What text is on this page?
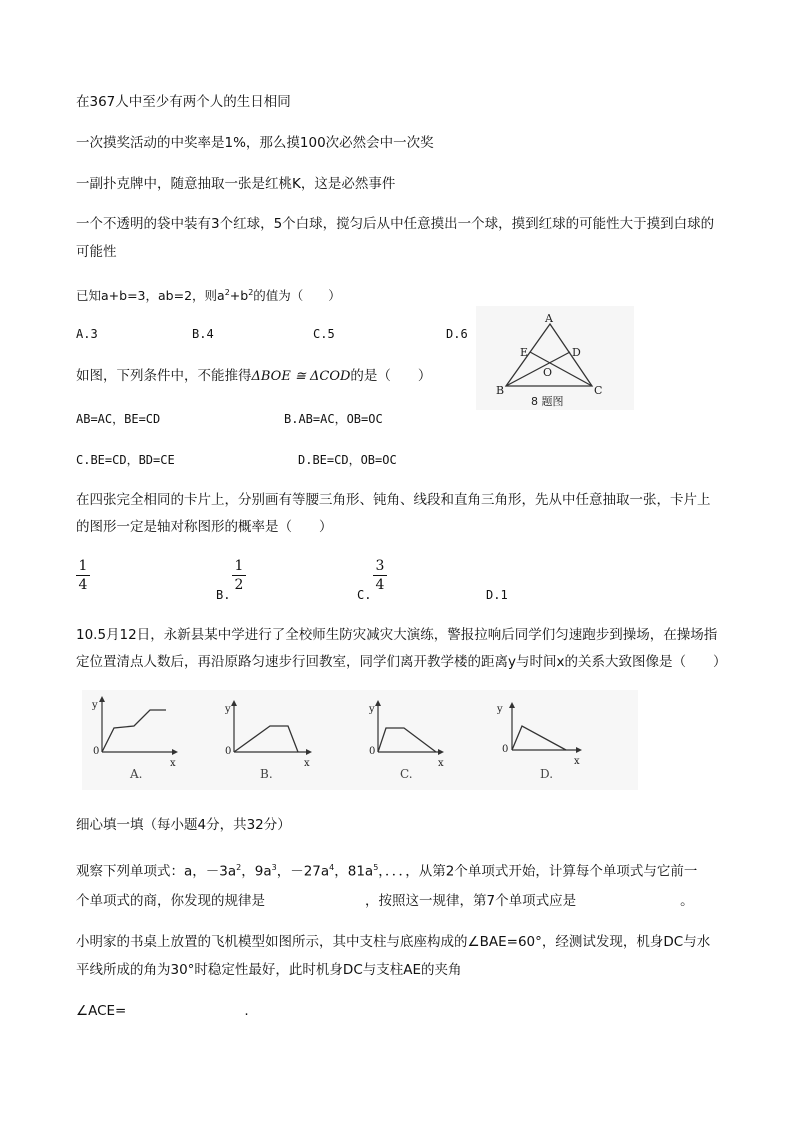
在367人中至少有两个人的生日相同
一次摸奖活动的中奖率是1%，那么摸100次必然会中一次奖
一副扑克牌中，随意抽取一张是红桃K，这是必然事件
一个不透明的袋中装有3个红球，5个白球，搅匀后从中任意摸出一个球，摸到红球的可能性大于摸到白球的
可能性
已知a+b=3，ab=2，则$a^2+b^2$的值为（　　）
A.3	B.4	C.5	D.6
A
B	C
D
E
O
8 题图
如图，下列条件中，不能推得ΔBOE ≅ ΔCOD的是（　　）
AB=AC，BE=CD	B.AB=AC，OB=OC
C.BE=CD，BD=CE	D.BE=CD，OB=OC
在四张完全相同的卡片上，分别画有等腰三角形、钝角、线段和直角三角形，先从中任意抽取一张，卡片上
的图形一定是轴对称图形的概率是（　　）
1
4
B.
1
2
C.
3
4
D.1
10.5月12日，永新县某中学进行了全校师生防灾减灾大演练，警报拉响后同学们匀速跑步到操场，在操场指
定位置清点人数后，再沿原路匀速步行回教室，同学们离开教学楼的距离y与时间x的关系大致图像是（　　）
y
0
x
A.
y
0
x
B.
y
0
x
C.
y
0
x
D.
细心填一填（每小题4分，共32分）
观察下列单项式：a，$-3a^2$，$9a^3$，$-27a^4$，$81a^5$，．．．，从第2个单项式开始，计算每个单项式与它前一
个单项式的商，你发现的规律是	，按照这一规律，第7个单项式应是	。
小明家的书桌上放置的飞机模型如图所示，其中支柱与底座构成的∠BAE=60°，经测试发现，机身DC与水
平线所成的角为30°时稳定性最好，此时机身DC与支柱AE的夹角
∠ACE=	.
